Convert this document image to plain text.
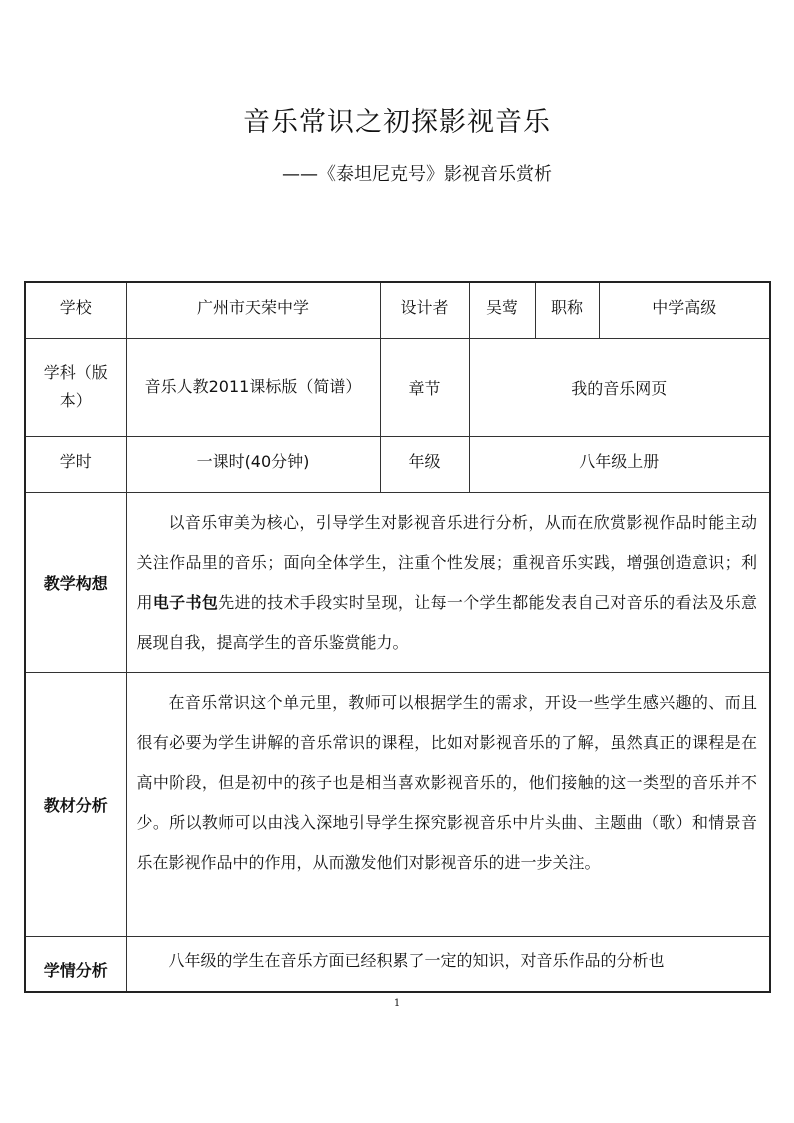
音乐常识之初探影视音乐
——《泰坦尼克号》影视音乐赏析
学校	广州市天荣中学	设计者	吴莺	职称	中学高级
学科（版本）	音乐人教2011课标版（简谱）	章节	我的音乐网页		
学时	一课时(40分钟)	年级	八年级上册		
教学构想	以音乐审美为核心，引导学生对影视音乐进行分析，从而在欣赏影视作品时能主动关注作品里的音乐；面向全体学生，注重个性发展；重视音乐实践，增强创造意识；利用电子书包先进的技术手段实时呈现，让每一个学生都能发表自己对音乐的看法及乐意展现自我，提高学生的音乐鉴赏能力。				

教材分析	在音乐常识这个单元里，教师可以根据学生的需求，开设一些学生感兴趣的、而且很有必要为学生讲解的音乐常识的课程，比如对影视音乐的了解，虽然真正的课程是在高中阶段，但是初中的孩子也是相当喜欢影视音乐的，他们接触的这一类型的音乐并不少。所以教师可以由浅入深地引导学生探究影视音乐中片头曲、主题曲（歌）和情景音乐在影视作品中的作用，从而激发他们对影视音乐的进一步关注。				

学情分析	八年级的学生在音乐方面已经积累了一定的知识，对音乐作品的分析也				

1
